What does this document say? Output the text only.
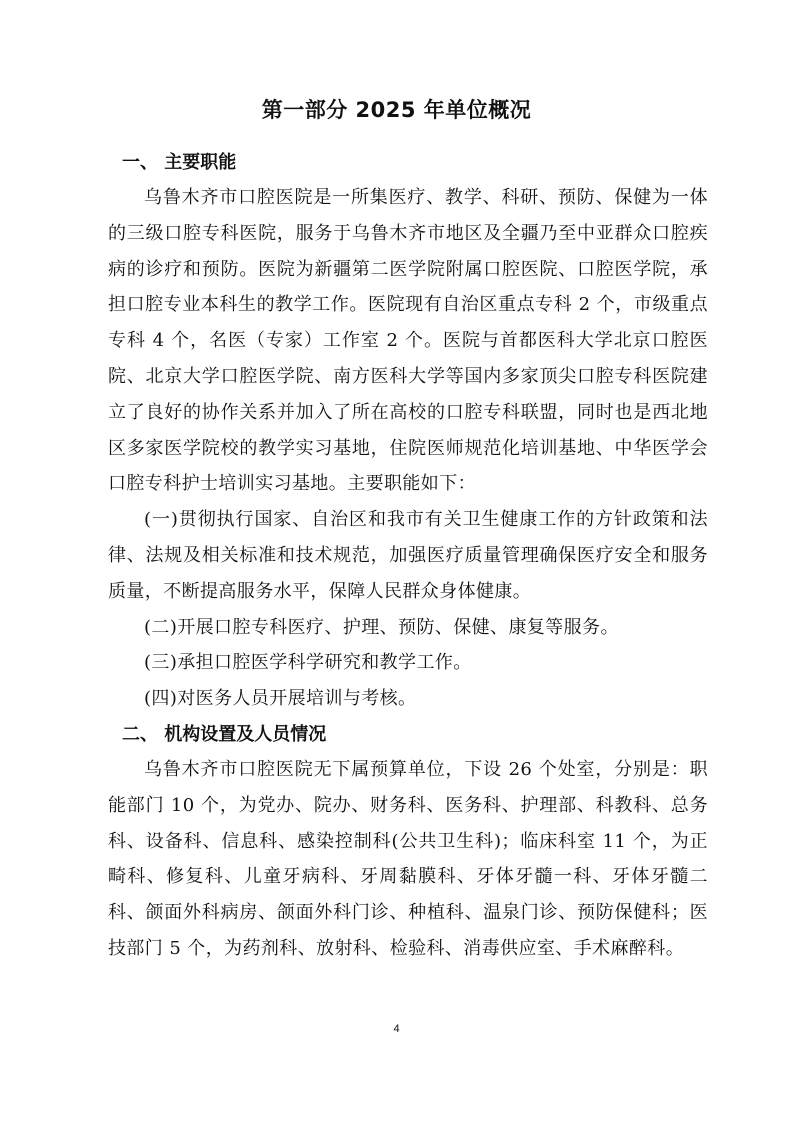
第一部分 2025 年单位概况

一、 主要职能

乌鲁木齐市口腔医院是一所集医疗、教学、科研、预防、保健为一体的三级口腔专科医院，服务于乌鲁木齐市地区及全疆乃至中亚群众口腔疾病的诊疗和预防。医院为新疆第二医学院附属口腔医院、口腔医学院，承担口腔专业本科生的教学工作。医院现有自治区重点专科 2 个，市级重点专科 4 个，名医（专家）工作室 2 个。医院与首都医科大学北京口腔医院、北京大学口腔医学院、南方医科大学等国内多家顶尖口腔专科医院建立了良好的协作关系并加入了所在高校的口腔专科联盟，同时也是西北地区多家医学院校的教学实习基地，住院医师规范化培训基地、中华医学会口腔专科护士培训实习基地。主要职能如下：

(一)贯彻执行国家、自治区和我市有关卫生健康工作的方针政策和法律、法规及相关标准和技术规范，加强医疗质量管理确保医疗安全和服务质量，不断提高服务水平，保障人民群众身体健康。

(二)开展口腔专科医疗、护理、预防、保健、康复等服务。

(三)承担口腔医学科学研究和教学工作。

(四)对医务人员开展培训与考核。

二、 机构设置及人员情况

乌鲁木齐市口腔医院无下属预算单位，下设 26 个处室，分别是：职能部门 10 个，为党办、院办、财务科、医务科、护理部、科教科、总务科、设备科、信息科、感染控制科(公共卫生科)；临床科室 11 个，为正畸科、修复科、儿童牙病科、牙周黏膜科、牙体牙髓一科、牙体牙髓二科、颌面外科病房、颌面外科门诊、种植科、温泉门诊、预防保健科；医技部门 5 个，为药剂科、放射科、检验科、消毒供应室、手术麻醉科。

4
